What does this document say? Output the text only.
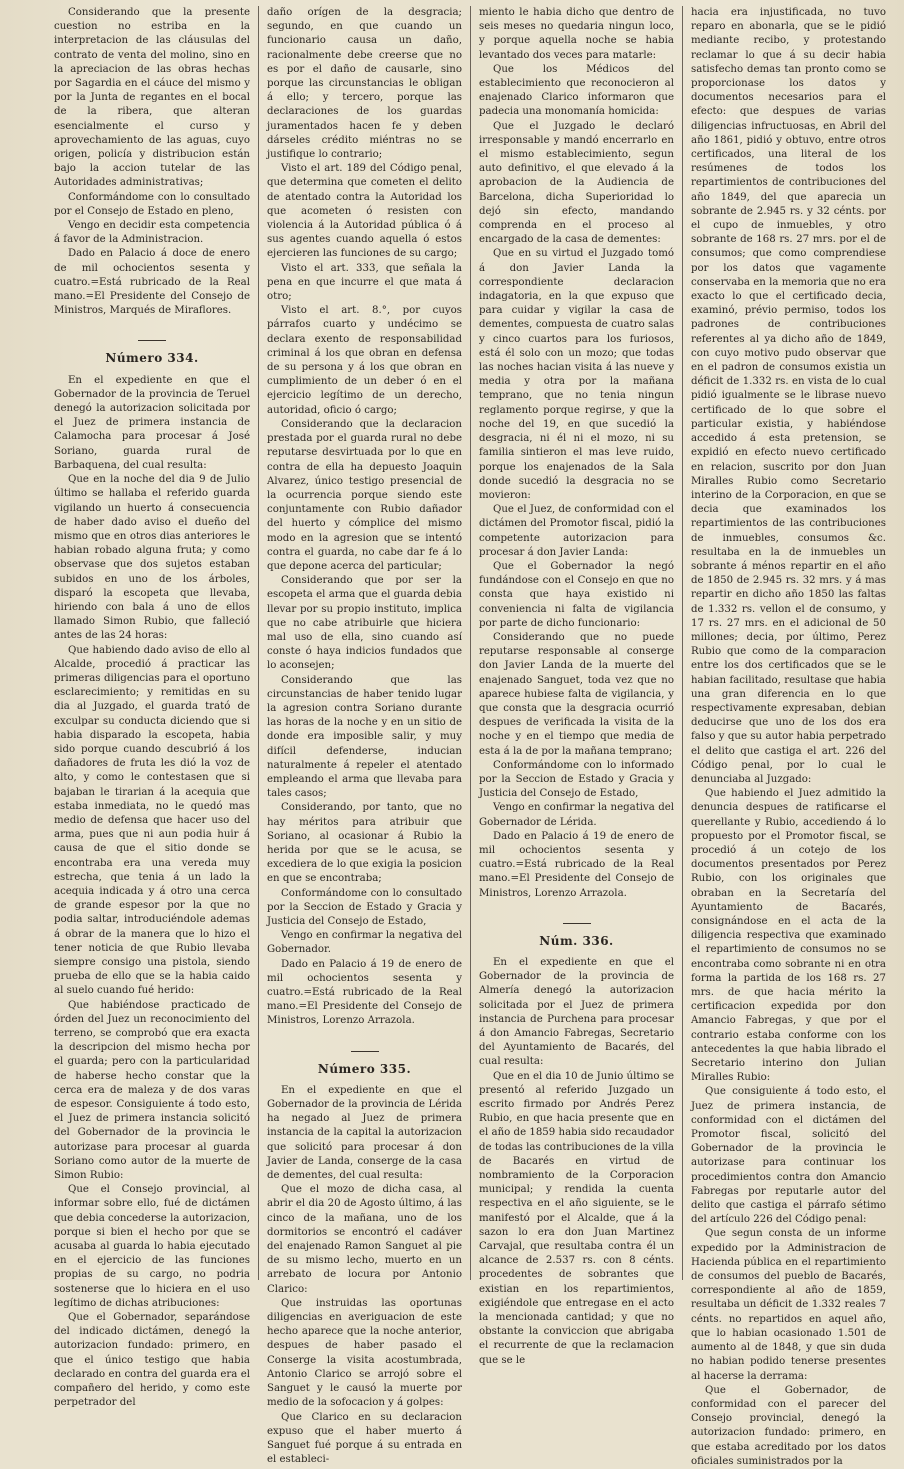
Considerando que la presente cuestion no estriba en la interpretacion de las cláusulas del contrato de venta del molino, sino en la apreciacion de las obras hechas por Sagardia en el cáuce del mismo y por la Junta de regantes en el bocal de la ribera, que alteran esencialmente el curso y aprovechamiento de las aguas, cuyo origen, policía y distribucion están bajo la accion tutelar de las Autoridades administrativas;

Conformándome con lo consultado por el Consejo de Estado en pleno,

Vengo en decidir esta competencia á favor de la Administracion.

Dado en Palacio á doce de enero de mil ochocientos sesenta y cuatro.=Está rubricado de la Real mano.=El Presidente del Consejo de Ministros, Marqués de Miraflores.

Número 334.

En el expediente en que el Gobernador de la provincia de Teruel denegó la autorizacion solicitada por el Juez de primera instancia de Calamocha para procesar á José Soriano, guarda rural de Barbaquena, del cual resulta:

Que en la noche del dia 9 de Julio último se hallaba el referido guarda vigilando un huerto á consecuencia de haber dado aviso el dueño del mismo que en otros dias anteriores le habian robado alguna fruta; y como observase que dos sujetos estaban subidos en uno de los árboles, disparó la escopeta que llevaba, hiriendo con bala á uno de ellos llamado Simon Rubio, que falleció antes de las 24 horas:

Que habiendo dado aviso de ello al Alcalde, procedió á practicar las primeras diligencias para el oportuno esclarecimiento; y remitidas en su dia al Juzgado, el guarda trató de exculpar su conducta diciendo que si habia disparado la escopeta, habia sido porque cuando descubrió á los dañadores de fruta les dió la voz de alto, y como le contestasen que si bajaban le tirarian á la acequia que estaba inmediata, no le quedó mas medio de defensa que hacer uso del arma, pues que ni aun podia huir á causa de que el sitio donde se encontraba era una vereda muy estrecha, que tenia á un lado la acequia indicada y á otro una cerca de grande espesor por la que no podia saltar, introduciéndole ademas á obrar de la manera que lo hizo el tener noticia de que Rubio llevaba siempre consigo una pistola, siendo prueba de ello que se la habia caido al suelo cuando fué herido:

Que habiéndose practicado de órden del Juez un reconocimiento del terreno, se comprobó que era exacta la descripcion del mismo hecha por el guarda; pero con la particularidad de haberse hecho constar que la cerca era de maleza y de dos varas de espesor. Consiguiente á todo esto, el Juez de primera instancia solicitó del Gobernador de la provincia le autorizase para procesar al guarda Soriano como autor de la muerte de Simon Rubio:

Que el Consejo provincial, al informar sobre ello, fué de dictámen que debia concederse la autorizacion, porque si bien el hecho por que se acusaba al guarda lo habia ejecutado en el ejercicio de las funciones propias de su cargo, no podria sostenerse que lo hiciera en el uso legítimo de dichas atribuciones:

Que el Gobernador, separándose del indicado dictámen, denegó la autorizacion fundado: primero, en que el único testigo que habia declarado en contra del guarda era el compañero del herido, y como este perpetrador del

daño orígen de la desgracia; segundo, en que cuando un funcionario causa un daño, racionalmente debe creerse que no es por el daño de causarle, sino porque las circunstancias le obligan á ello; y tercero, porque las declaraciones de los guardas juramentados hacen fe y deben dárseles crédito miéntras no se justifique lo contrario;

Visto el art. 189 del Código penal, que determina que cometen el delito de atentado contra la Autoridad los que acometen ó resisten con violencia á la Autoridad pública ó á sus agentes cuando aquella ó estos ejercieren las funciones de su cargo;

Visto el art. 333, que señala la pena en que incurre el que mata á otro;

Visto el art. 8.°, por cuyos párrafos cuarto y undécimo se declara exento de responsabilidad criminal á los que obran en defensa de su persona y á los que obran en cumplimiento de un deber ó en el ejercicio legítimo de un derecho, autoridad, oficio ó cargo;

Considerando que la declaracion prestada por el guarda rural no debe reputarse desvirtuada por lo que en contra de ella ha depuesto Joaquin Alvarez, único testigo presencial de la ocurrencia porque siendo este conjuntamente con Rubio dañador del huerto y cómplice del mismo modo en la agresion que se intentó contra el guarda, no cabe dar fe á lo que depone acerca del particular;

Considerando que por ser la escopeta el arma que el guarda debia llevar por su propio instituto, implica que no cabe atribuirle que hiciera mal uso de ella, sino cuando así conste ó haya indicios fundados que lo aconsejen;

Considerando que las circunstancias de haber tenido lugar la agresion contra Soriano durante las horas de la noche y en un sitio de donde era imposible salir, y muy difícil defenderse, inducian naturalmente á repeler el atentado empleando el arma que llevaba para tales casos;

Considerando, por tanto, que no hay méritos para atribuir que Soriano, al ocasionar á Rubio la herida por que se le acusa, se excediera de lo que exigia la posicion en que se encontraba;

Conformándome con lo consultado por la Seccion de Estado y Gracia y Justicia del Consejo de Estado,

Vengo en confirmar la negativa del Gobernador.

Dado en Palacio á 19 de enero de mil ochocientos sesenta y cuatro.=Está rubricado de la Real mano.=El Presidente del Consejo de Ministros, Lorenzo Arrazola.

Número 335.

En el expediente en que el Gobernador de la provincia de Lérida ha negado al Juez de primera instancia de la capital la autorizacion que solicitó para procesar á don Javier de Landa, conserge de la casa de dementes, del cual resulta:

Que el mozo de dicha casa, al abrir el dia 20 de Agosto último, á las cinco de la mañana, uno de los dormitorios se encontró el cadáver del enajenado Ramon Sanguet al pie de su mismo lecho, muerto en un arrebato de locura por Antonio Clarico:

Que instruidas las oportunas diligencias en averiguacion de este hecho aparece que la noche anterior, despues de haber pasado el Conserge la visita acostumbrada, Antonio Clarico se arrojó sobre el Sanguet y le causó la muerte por medio de la sofocacion y á golpes:

Que Clarico en su declaracion expuso que el haber muerto á Sanguet fué porque á su entrada en el estableci-

miento le habia dicho que dentro de seis meses no quedaria ningun loco, y porque aquella noche se habia levantado dos veces para matarle:

Que los Médicos del establecimiento que reconocieron al enajenado Clarico informaron que padecia una monomanía homicida:

Que el Juzgado le declaró irresponsable y mandó encerrarlo en el mismo establecimiento, segun auto definitivo, el que elevado á la aprobacion de la Audiencia de Barcelona, dicha Superioridad lo dejó sin efecto, mandando comprenda en el proceso al encargado de la casa de dementes:

Que en su virtud el Juzgado tomó á don Javier Landa la correspondiente declaracion indagatoria, en la que expuso que para cuidar y vigilar la casa de dementes, compuesta de cuatro salas y cinco cuartos para los furiosos, está él solo con un mozo; que todas las noches hacian visita á las nueve y media y otra por la mañana temprano, que no tenia ningun reglamento porque regirse, y que la noche del 19, en que sucedió la desgracia, ni él ni el mozo, ni su familia sintieron el mas leve ruido, porque los enajenados de la Sala donde sucedió la desgracia no se movieron:

Que el Juez, de conformidad con el dictámen del Promotor fiscal, pidió la competente autorizacion para procesar á don Javier Landa:

Que el Gobernador la negó fundándose con el Consejo en que no consta que haya existido ni conveniencia ni falta de vigilancia por parte de dicho funcionario:

Considerando que no puede reputarse responsable al conserge don Javier Landa de la muerte del enajenado Sanguet, toda vez que no aparece hubiese falta de vigilancia, y que consta que la desgracia ocurrió despues de verificada la visita de la noche y en el tiempo que media de esta á la de por la mañana temprano;

Conformándome con lo informado por la Seccion de Estado y Gracia y Justicia del Consejo de Estado,

Vengo en confirmar la negativa del Gobernador de Lérida.

Dado en Palacio á 19 de enero de mil ochocientos sesenta y cuatro.=Está rubricado de la Real mano.=El Presidente del Consejo de Ministros, Lorenzo Arrazola.

Núm. 336.

En el expediente en que el Gobernador de la provincia de Almería denegó la autorizacion solicitada por el Juez de primera instancia de Purchena para procesar á don Amancio Fabregas, Secretario del Ayuntamiento de Bacarés, del cual resulta:

Que en el dia 10 de Junio último se presentó al referido Juzgado un escrito firmado por Andrés Perez Rubio, en que hacia presente que en el año de 1859 habia sido recaudador de todas las contribuciones de la villa de Bacarés en virtud de nombramiento de la Corporacion municipal; y rendida la cuenta respectiva en el año siguiente, se le manifestó por el Alcalde, que á la sazon lo era don Juan Martinez Carvajal, que resultaba contra él un alcance de 2.537 rs. con 8 cénts. procedentes de sobrantes que existian en los repartimientos, exigiéndole que entregase en el acto la mencionada cantidad; y que no obstante la conviccion que abrigaba el recurrente de que la reclamacion que se le

hacia era injustificada, no tuvo reparo en abonarla, que se le pidió mediante recibo, y protestando reclamar lo que á su decir habia satisfecho demas tan pronto como se proporcionase los datos y documentos necesarios para el efecto: que despues de varias diligencias infructuosas, en Abril del año 1861, pidió y obtuvo, entre otros certificados, una literal de los resúmenes de todos los repartimientos de contribuciones del año 1849, del que aparecia un sobrante de 2.945 rs. y 32 cénts. por el cupo de inmuebles, y otro sobrante de 168 rs. 27 mrs. por el de consumos; que como comprendiese por los datos que vagamente conservaba en la memoria que no era exacto lo que el certificado decia, examinó, prévio permiso, todos los padrones de contribuciones referentes al ya dicho año de 1849, con cuyo motivo pudo observar que en el padron de consumos existia un déficit de 1.332 rs. en vista de lo cual pidió igualmente se le librase nuevo certificado de lo que sobre el particular existia, y habiéndose accedido á esta pretension, se expidió en efecto nuevo certificado en relacion, suscrito por don Juan Miralles Rubio como Secretario interino de la Corporacion, en que se decia que examinados los repartimientos de las contribuciones de inmuebles, consumos &c. resultaba en la de inmuebles un sobrante á ménos repartir en el año de 1850 de 2.945 rs. 32 mrs. y á mas repartir en dicho año 1850 las faltas de 1.332 rs. vellon el de consumo, y 17 rs. 27 mrs. en el adicional de 50 millones; decia, por último, Perez Rubio que como de la comparacion entre los dos certificados que se le habian facilitado, resultase que habia una gran diferencia en lo que respectivamente expresaban, debian deducirse que uno de los dos era falso y que su autor habia perpetrado el delito que castiga el art. 226 del Código penal, por lo cual le denunciaba al Juzgado:

Que habiendo el Juez admitido la denuncia despues de ratificarse el querellante y Rubio, accediendo á lo propuesto por el Promotor fiscal, se procedió á un cotejo de los documentos presentados por Perez Rubio, con los originales que obraban en la Secretaría del Ayuntamiento de Bacarés, consignándose en el acta de la diligencia respectiva que examinado el repartimiento de consumos no se encontraba como sobrante ni en otra forma la partida de los 168 rs. 27 mrs. de que hacia mérito la certificacion expedida por don Amancio Fabregas, y que por el contrario estaba conforme con los antecedentes la que habia librado el Secretario interino don Julian Miralles Rubio:

Que consiguiente á todo esto, el Juez de primera instancia, de conformidad con el dictámen del Promotor fiscal, solicitó del Gobernador de la provincia le autorizase para continuar los procedimientos contra don Amancio Fabregas por reputarle autor del delito que castiga el párrafo sétimo del artículo 226 del Código penal:

Que segun consta de un informe expedido por la Administracion de Hacienda pública en el repartimiento de consumos del pueblo de Bacarés, correspondiente al año de 1859, resultaba un déficit de 1.332 reales 7 cénts. no repartidos en aquel año, que lo habian ocasionado 1.501 de aumento al de 1848, y que sin duda no habian podido tenerse presentes al hacerse la derrama:

Que el Gobernador, de conformidad con el parecer del Consejo provincial, denegó la autorizacion fundado: primero, en que estaba acreditado por los datos oficiales suministrados por la
